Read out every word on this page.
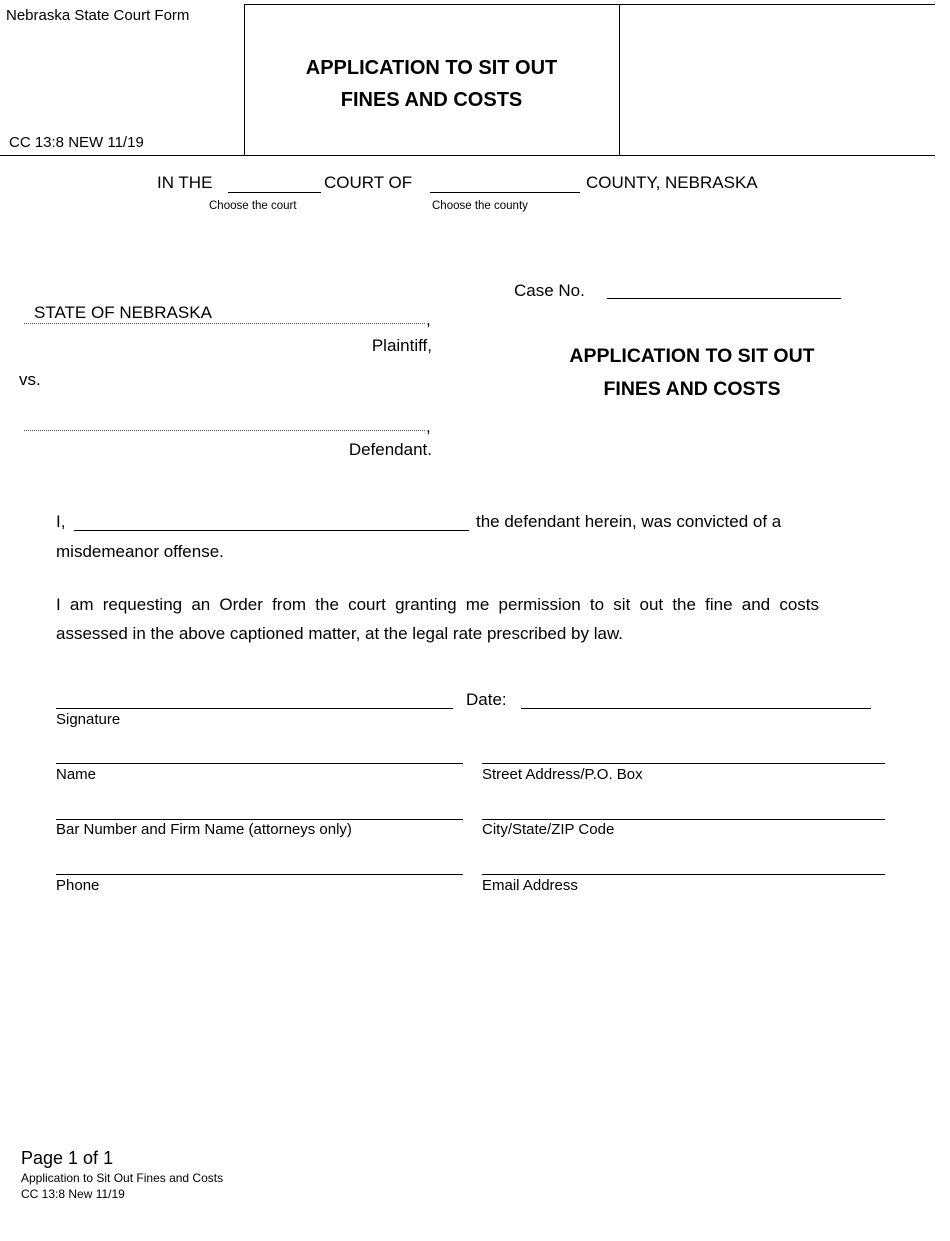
Nebraska State Court Form
CC 13:8 NEW 11/19
APPLICATION TO SIT OUT
FINES AND COSTS
IN THE	COURT OF	COUNTY, NEBRASKA
Choose the court	Choose the county
STATE OF NEBRASKA	,
Plaintiff,
vs.
,
Defendant.
Case No.
APPLICATION TO SIT OUT
FINES AND COSTS
I,	the defendant herein, was convicted of a
misdemeanor offense.
I am requesting an Order from the court granting me permission to sit out the fine and costs assessed in the above captioned matter, at the legal rate prescribed by law.
Signature
Date:
Name	Street Address/P.O. Box
Bar Number and Firm Name (attorneys only)	City/State/ZIP Code
Phone	Email Address
Page 1 of 1
Application to Sit Out Fines and Costs
CC 13:8 New 11/19
